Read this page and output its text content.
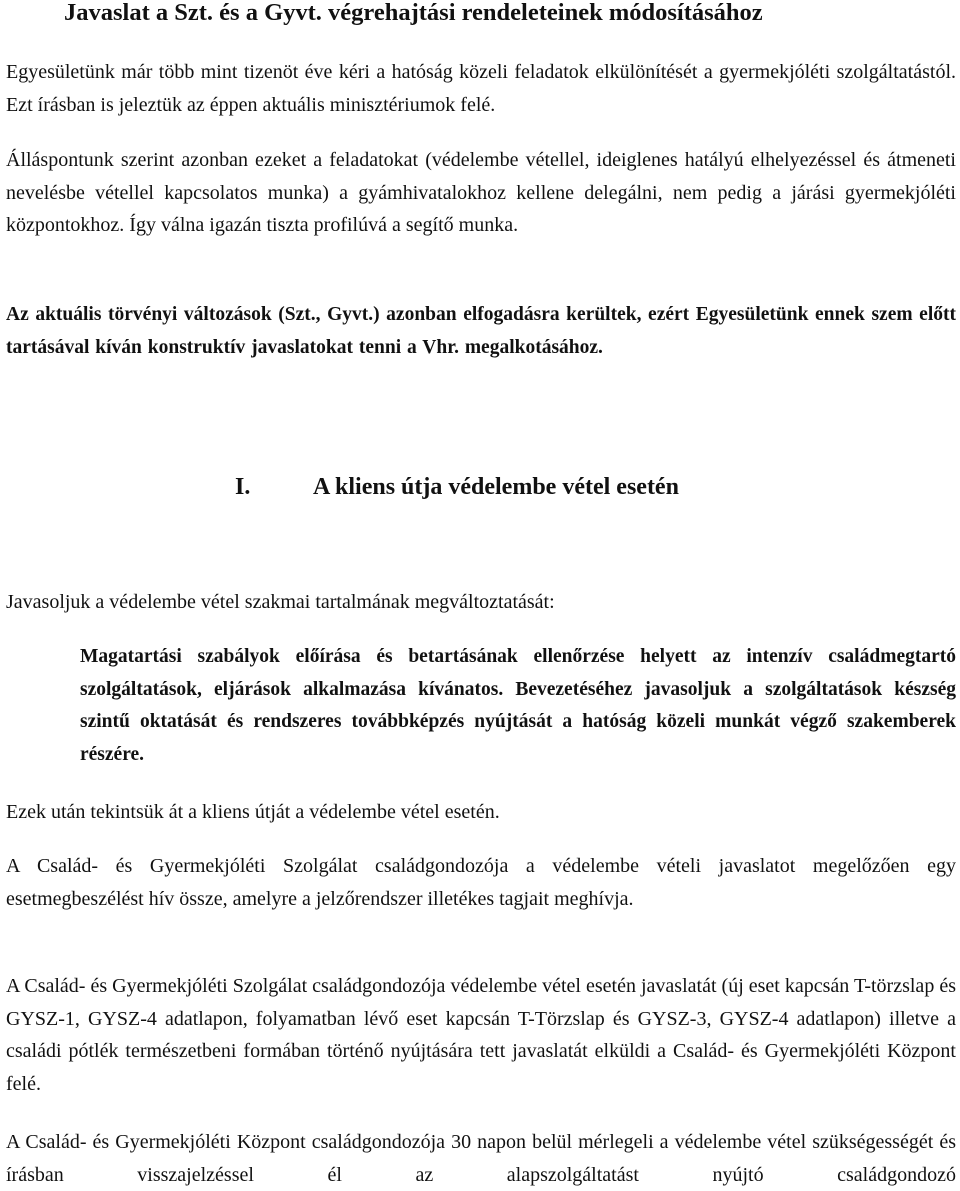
Javaslat a Szt. és a Gyvt. végrehajtási rendeleteinek módosításához

Egyesületünk már több mint tizenöt éve kéri a hatóság közeli feladatok elkülönítését a gyermekjóléti szolgáltatástól. Ezt írásban is jeleztük az éppen aktuális minisztériumok felé.

Álláspontunk szerint azonban ezeket a feladatokat (védelembe vétellel, ideiglenes hatályú elhelyezéssel és átmeneti nevelésbe vétellel kapcsolatos munka) a gyámhivatalokhoz kellene delegálni, nem pedig a járási gyermekjóléti központokhoz. Így válna igazán tiszta profilúvá a segítő munka.

Az aktuális törvényi változások (Szt., Gyvt.) azonban elfogadásra kerültek, ezért Egyesületünk ennek szem előtt tartásával kíván konstruktív javaslatokat tenni a Vhr. megalkotásához.

I.	A kliens útja védelembe vétel esetén

Javasoljuk a védelembe vétel szakmai tartalmának megváltoztatását:

Magatartási szabályok előírása és betartásának ellenőrzése helyett az intenzív családmegtartó szolgáltatások, eljárások alkalmazása kívánatos. Bevezetéséhez javasoljuk a szolgáltatások készség szintű oktatását és rendszeres továbbképzés nyújtását a hatóság közeli munkát végző szakemberek részére.

Ezek után tekintsük át a kliens útját a védelembe vétel esetén.

A Család- és Gyermekjóléti Szolgálat családgondozója a védelembe vételi javaslatot megelőzően egy esetmegbeszélést hív össze, amelyre a jelzőrendszer illetékes tagjait meghívja.

A Család- és Gyermekjóléti Szolgálat családgondozója védelembe vétel esetén javaslatát (új eset kapcsán T-törzslap és GYSZ-1, GYSZ-4 adatlapon, folyamatban lévő eset kapcsán T-Törzslap és GYSZ-3, GYSZ-4 adatlapon) illetve a családi pótlék természetbeni formában történő nyújtására tett javaslatát elküldi a Család- és Gyermekjóléti Központ felé.

A Család- és Gyermekjóléti Központ családgondozója 30 napon belül mérlegeli a védelembe vétel szükségességét és írásban visszajelzéssel él az alapszolgáltatást nyújtó családgondozó
